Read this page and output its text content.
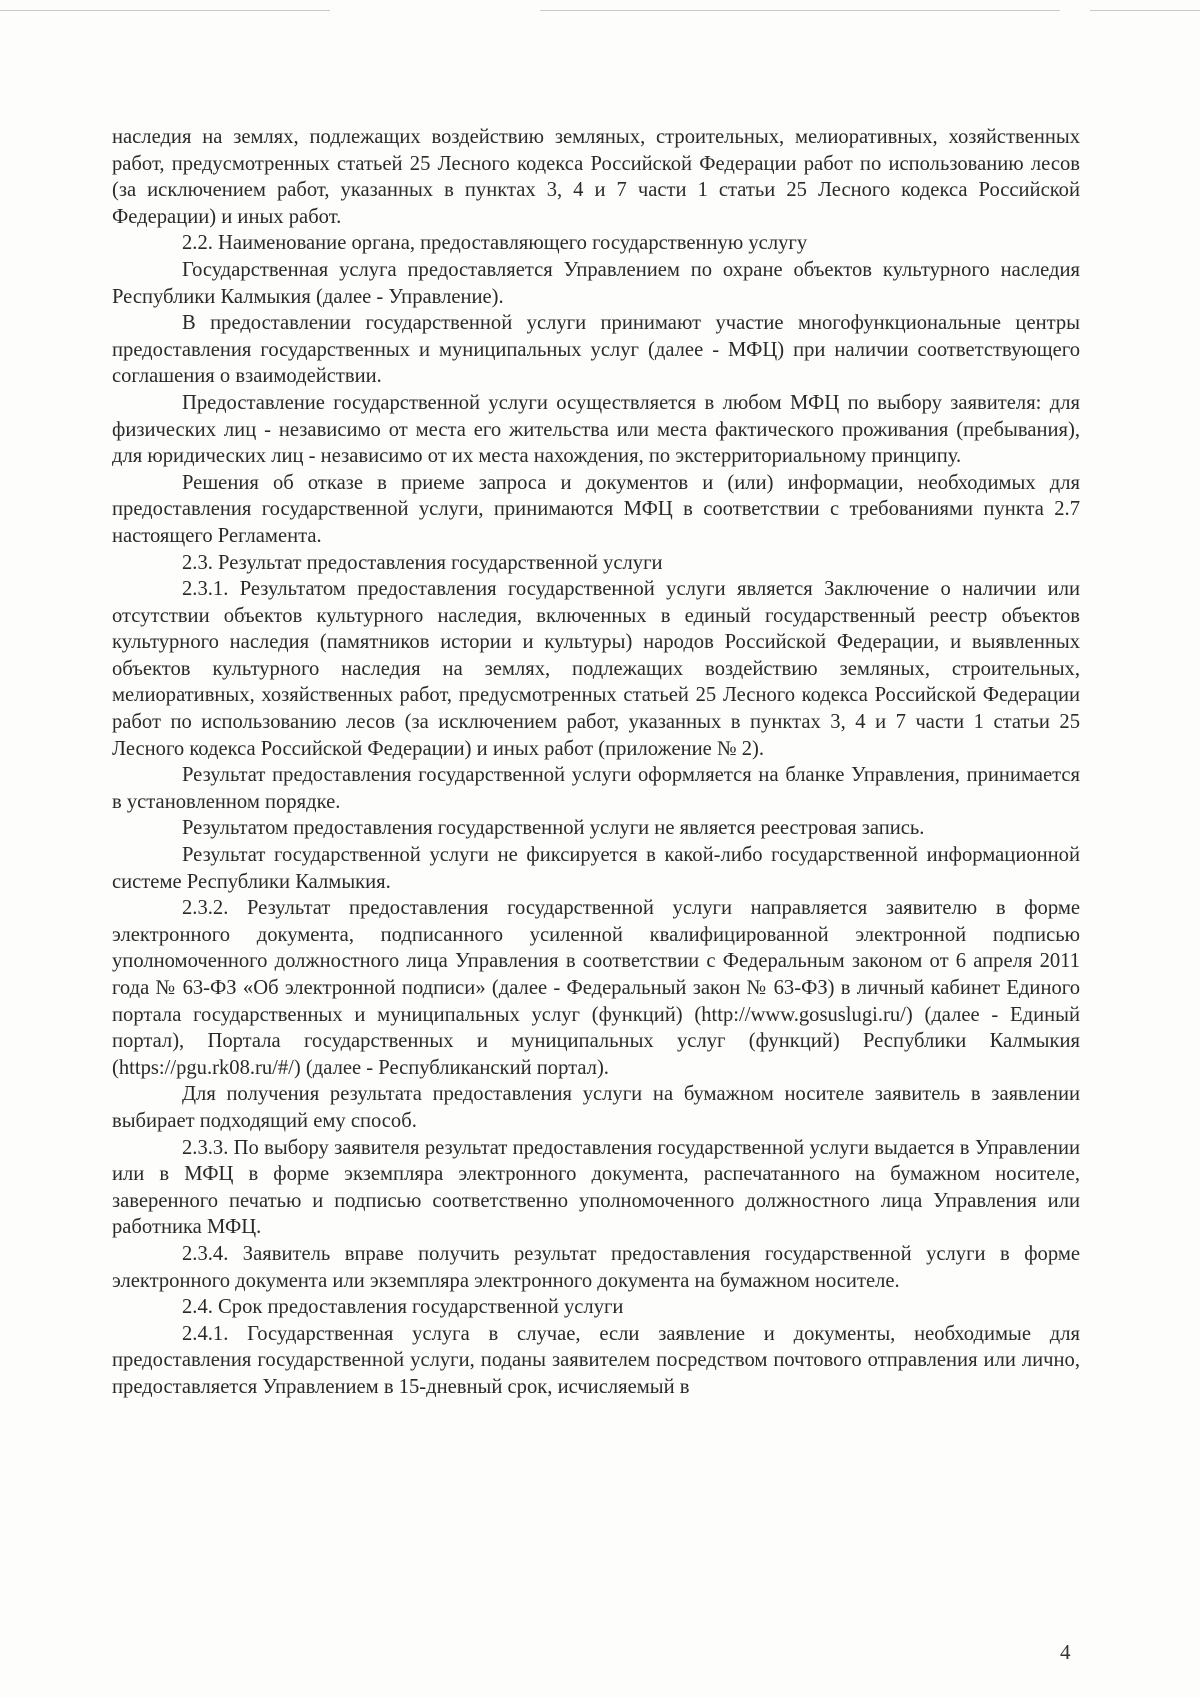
наследия на землях, подлежащих воздействию земляных, строительных, мелиоративных, хозяйственных работ, предусмотренных статьей 25 Лесного кодекса Российской Федерации работ по использованию лесов (за исключением работ, указанных в пунктах 3, 4 и 7 части 1 статьи 25 Лесного кодекса Российской Федерации) и иных работ.

2.2. Наименование органа, предоставляющего государственную услугу

Государственная услуга предоставляется Управлением по охране объектов культурного наследия Республики Калмыкия (далее - Управление).

В предоставлении государственной услуги принимают участие многофункциональные центры предоставления государственных и муниципальных услуг (далее - МФЦ) при наличии соответствующего соглашения о взаимодействии.

Предоставление государственной услуги осуществляется в любом МФЦ по выбору заявителя: для физических лиц - независимо от места его жительства или места фактического проживания (пребывания), для юридических лиц - независимо от их места нахождения, по экстерриториальному принципу.

Решения об отказе в приеме запроса и документов и (или) информации, необходимых для предоставления государственной услуги, принимаются МФЦ в соответствии с требованиями пункта 2.7 настоящего Регламента.

2.3. Результат предоставления государственной услуги

2.3.1. Результатом предоставления государственной услуги является Заключение о наличии или отсутствии объектов культурного наследия, включенных в единый государственный реестр объектов культурного наследия (памятников истории и культуры) народов Российской Федерации, и выявленных объектов культурного наследия на землях, подлежащих воздействию земляных, строительных, мелиоративных, хозяйственных работ, предусмотренных статьей 25 Лесного кодекса Российской Федерации работ по использованию лесов (за исключением работ, указанных в пунктах 3, 4 и 7 части 1 статьи 25 Лесного кодекса Российской Федерации) и иных работ (приложение № 2).

Результат предоставления государственной услуги оформляется на бланке Управления, принимается в установленном порядке.

Результатом предоставления государственной услуги не является реестровая запись.

Результат государственной услуги не фиксируется в какой-либо государственной информационной системе Республики Калмыкия.

2.3.2. Результат предоставления государственной услуги направляется заявителю в форме электронного документа, подписанного усиленной квалифицированной электронной подписью уполномоченного должностного лица Управления в соответствии с Федеральным законом от 6 апреля 2011 года № 63-ФЗ «Об электронной подписи» (далее - Федеральный закон № 63-ФЗ) в личный кабинет Единого портала государственных и муниципальных услуг (функций) (http://www.gosuslugi.ru/) (далее - Единый портал), Портала государственных и муниципальных услуг (функций) Республики Калмыкия (https://pgu.rk08.ru/#/) (далее - Республиканский портал).

Для получения результата предоставления услуги на бумажном носителе заявитель в заявлении выбирает подходящий ему способ.

2.3.3. По выбору заявителя результат предоставления государственной услуги выдается в Управлении или в МФЦ в форме экземпляра электронного документа, распечатанного на бумажном носителе, заверенного печатью и подписью соответственно уполномоченного должностного лица Управления или работника МФЦ.

2.3.4. Заявитель вправе получить результат предоставления государственной услуги в форме электронного документа или экземпляра электронного документа на бумажном носителе.

2.4. Срок предоставления государственной услуги

2.4.1. Государственная услуга в случае, если заявление и документы, необходимые для предоставления государственной услуги, поданы заявителем посредством почтового отправления или лично, предоставляется Управлением в 15-дневный срок, исчисляемый в

4
